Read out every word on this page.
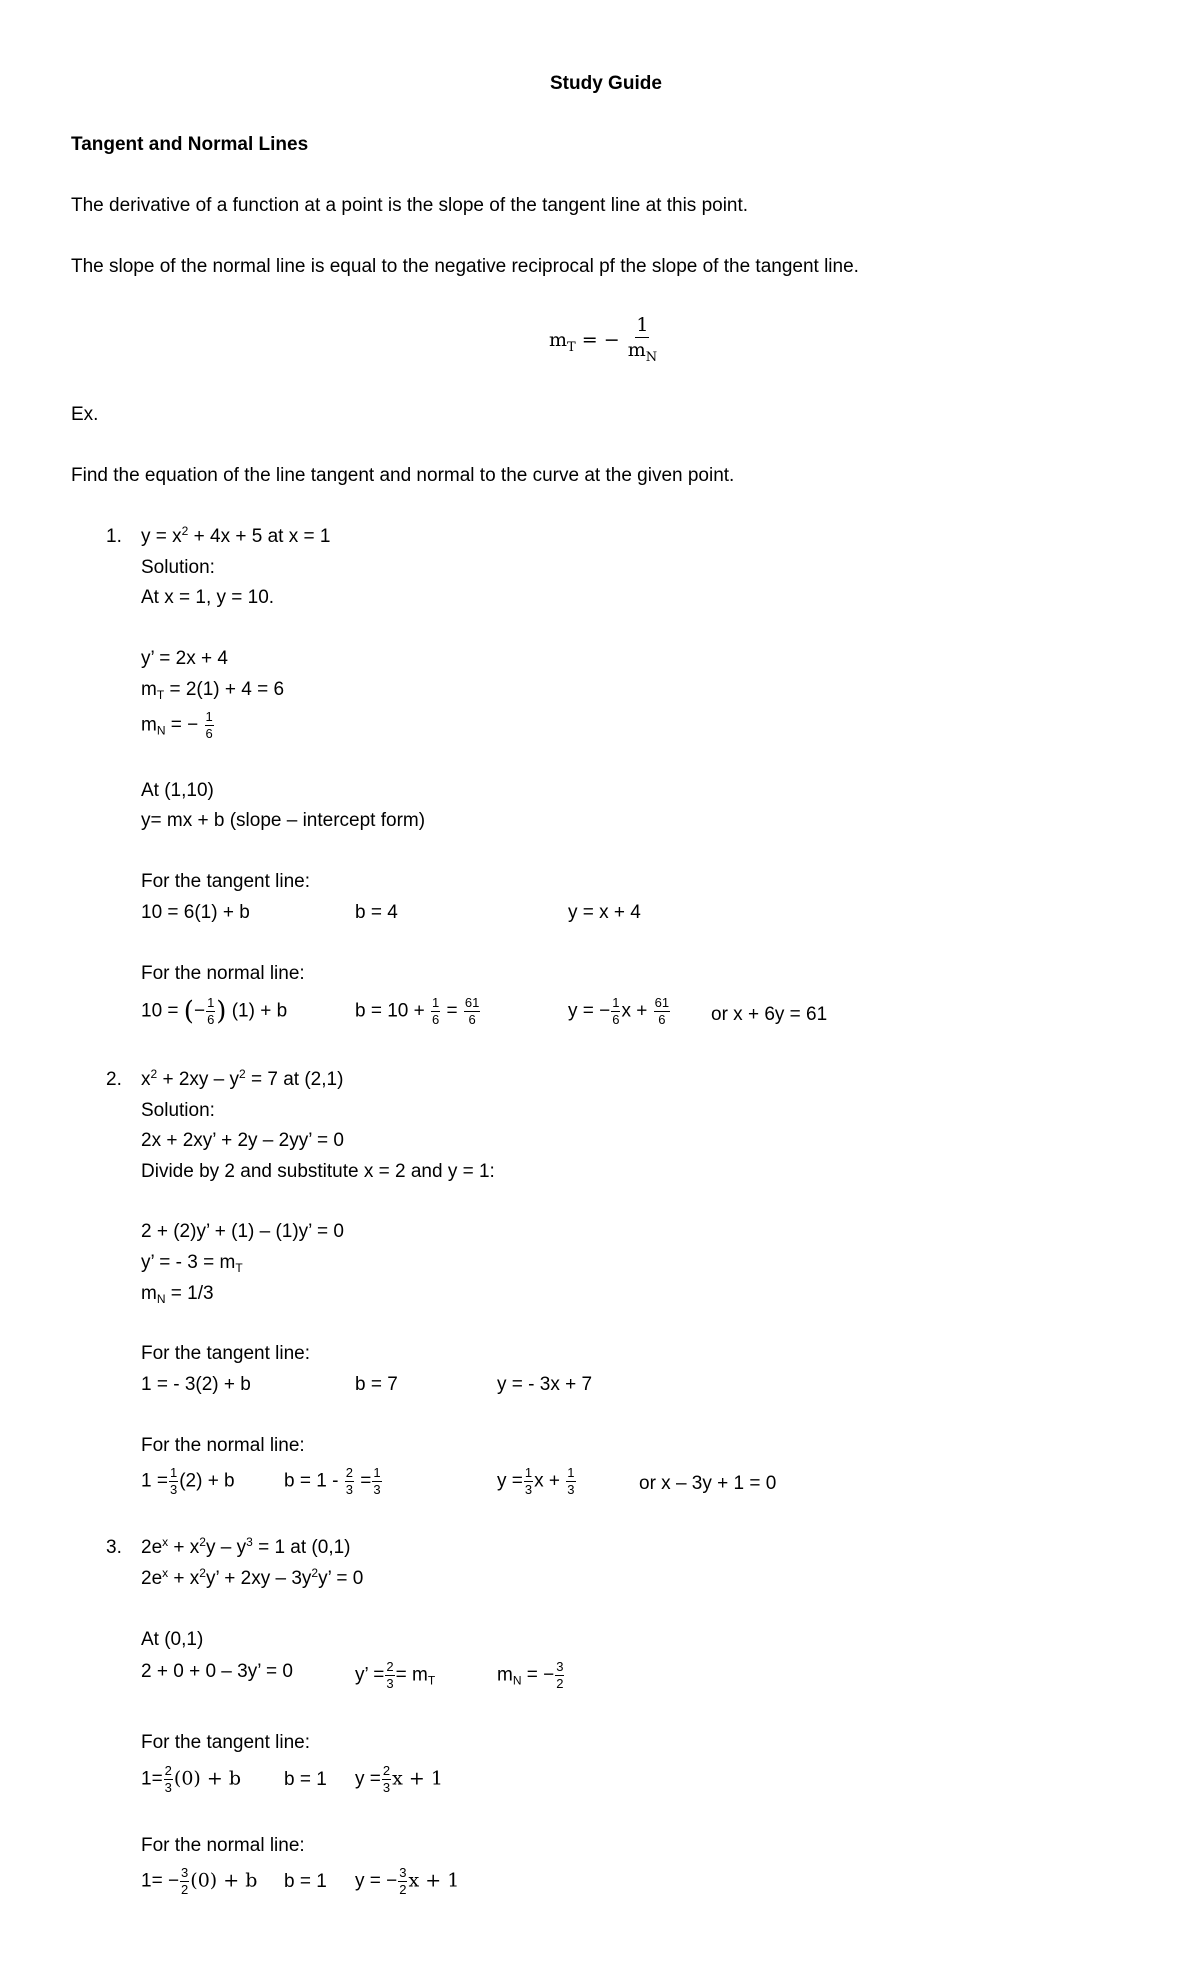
Study Guide
Tangent and Normal Lines
The derivative of a function at a point is the slope of the tangent line at this point.
The slope of the normal line is equal to the negative reciprocal pf the slope of the tangent line.
$m_T$ = − $\frac{1}{m_N}$
Ex.
Find the equation of the line tangent and normal to the curve at the given point.
1. $y = x^2 + 4x + 5$ at x = 1
Solution:
At x = 1, y = 10.
y’ = 2x + 4
$m_T = 2(1) + 4 = 6$
$m_N$ = − $\frac{1}{6}$
At (1,10)
y= mx + b (slope – intercept form)
For the tangent line:
10 = 6(1) + b	b = 4	y = x + 4
For the normal line:
10 = (− $\frac{1}{6}$ ) (1) + b	$b = 10 + \frac{1}{6} = \frac{61}{6}$	y = − $\frac{1}{6}$ $x + \frac{61}{6}$ or x + 6y = 61
2. $x^2 + 2xy - y^2 = 7$ at (2,1)
Solution:
2x + 2xy’ + 2y – 2yy’ = 0
Divide by 2 and substitute x = 2 and y = 1:
2 + (2)y’ + (1) – (1)y’ = 0
y’ = - $3 = m_T$
$m_N = 1/3$
For the tangent line:
1 = - 3(2) + b	b = 7	y = - 3x + 7
For the normal line:
$1 = \frac{1}{3} (2) + b$	$b = 1 - \frac{2}{3} = \frac{1}{3}$	$y = \frac{1}{3}$ $x + \frac{1}{3}$	or x – 3y + 1 = 0
3. $2e^x + x^2y - y^3 = 1$ at (0,1)
$2e^x + x^2y$’ + $2xy - 3y^2y$’ = 0
At (0,1)
2 + 0 + 0 – 3y’ = 0	y’ = $\frac{2}{3} = m_T$	$m_N$ = − $\frac{3}{2}$
For the tangent line:
$1= \frac{2}{3} (0) + b$ b = 1 $y = \frac{2}{3}$ x + 1
For the normal line:
$1= - \frac{3}{2} (0) + b$ b = 1 y = − $\frac{3}{2}$ x + 1
